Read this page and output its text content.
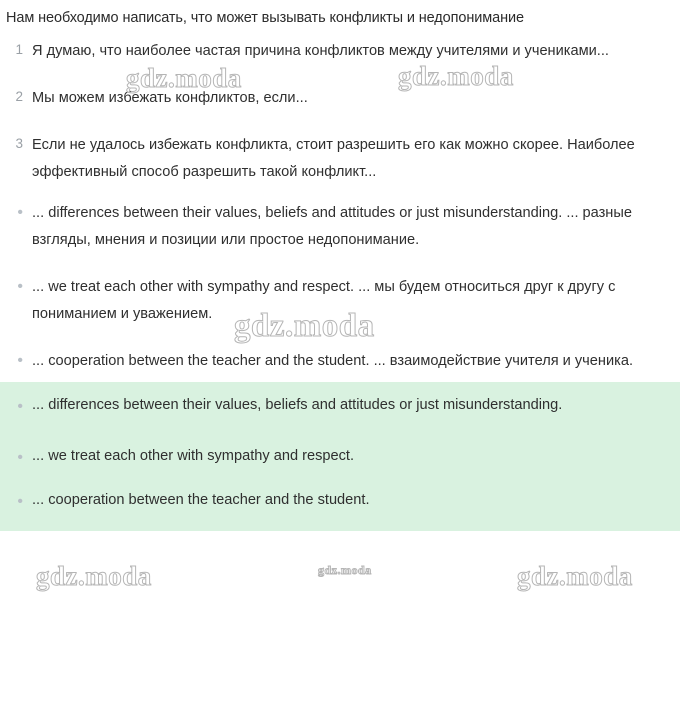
Нам необходимо написать, что может вызывать конфликты и недопонимание
1 Я думаю, что наиболее частая причина конфликтов между учителями и учениками...
2 Мы можем избежать конфликтов, если...
3 Если не удалось избежать конфликта, стоит разрешить его как можно скорее. Наиболее эффективный способ разрешить такой конфликт...
• ... differences between their values, beliefs and attitudes or just misunderstanding. ... разные взгляды, мнения и позиции или простое недопонимание.
• ... we treat each other with sympathy and respect. ... мы будем относиться друг к другу с пониманием и уважением.
• ... cooperation between the teacher and the student. ... взаимодействие учителя и ученика.
• ... differences between their values, beliefs and attitudes or just misunderstanding.
• ... we treat each other with sympathy and respect.
• ... cooperation between the teacher and the student.
gdz.moda	gdz.moda
gdz.moda
gdz.moda	gdz.moda	gdz.moda
